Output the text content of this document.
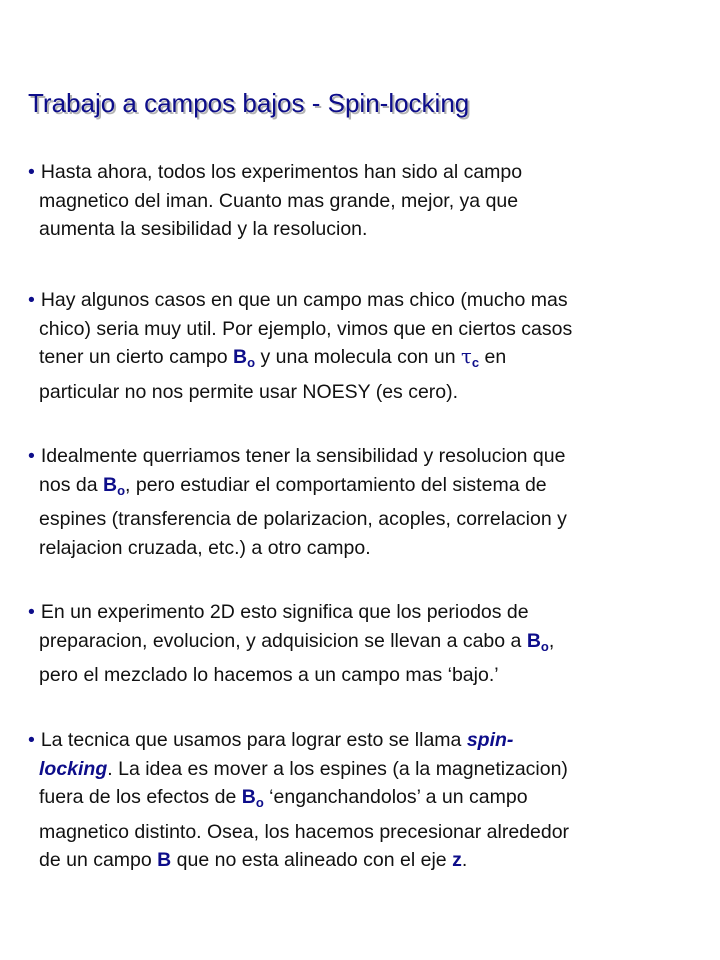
Trabajo a campos bajos - Spin-locking
• Hasta ahora, todos los experimentos han sido al campo
magnetico del iman. Cuanto mas grande, mejor, ya que
aumenta la sesibilidad y la resolucion.
• Hay algunos casos en que un campo mas chico (mucho mas
chico) seria muy util. Por ejemplo, vimos que en ciertos casos
tener un cierto campo $B_o$ y una molecula con un $\tau_c$ en
particular no nos permite usar NOESY (es cero).
• Idealmente querriamos tener la sensibilidad y resolucion que
nos da $B_o$, pero estudiar el comportamiento del sistema de
espines (transferencia de polarizacion, acoples, correlacion y
relajacion cruzada, etc.) a otro campo.
• En un experimento 2D esto significa que los periodos de
preparacion, evolucion, y adquisicion se llevan a cabo a $B_o$,
pero el mezclado lo hacemos a un campo mas ‘bajo.’
• La tecnica que usamos para lograr esto se llama spin-
locking. La idea es mover a los espines (a la magnetizacion)
fuera de los efectos de $B_o$ ‘enganchandolos’ a un campo
magnetico distinto. Osea, los hacemos precesionar alrededor
de un campo B que no esta alineado con el eje z.
